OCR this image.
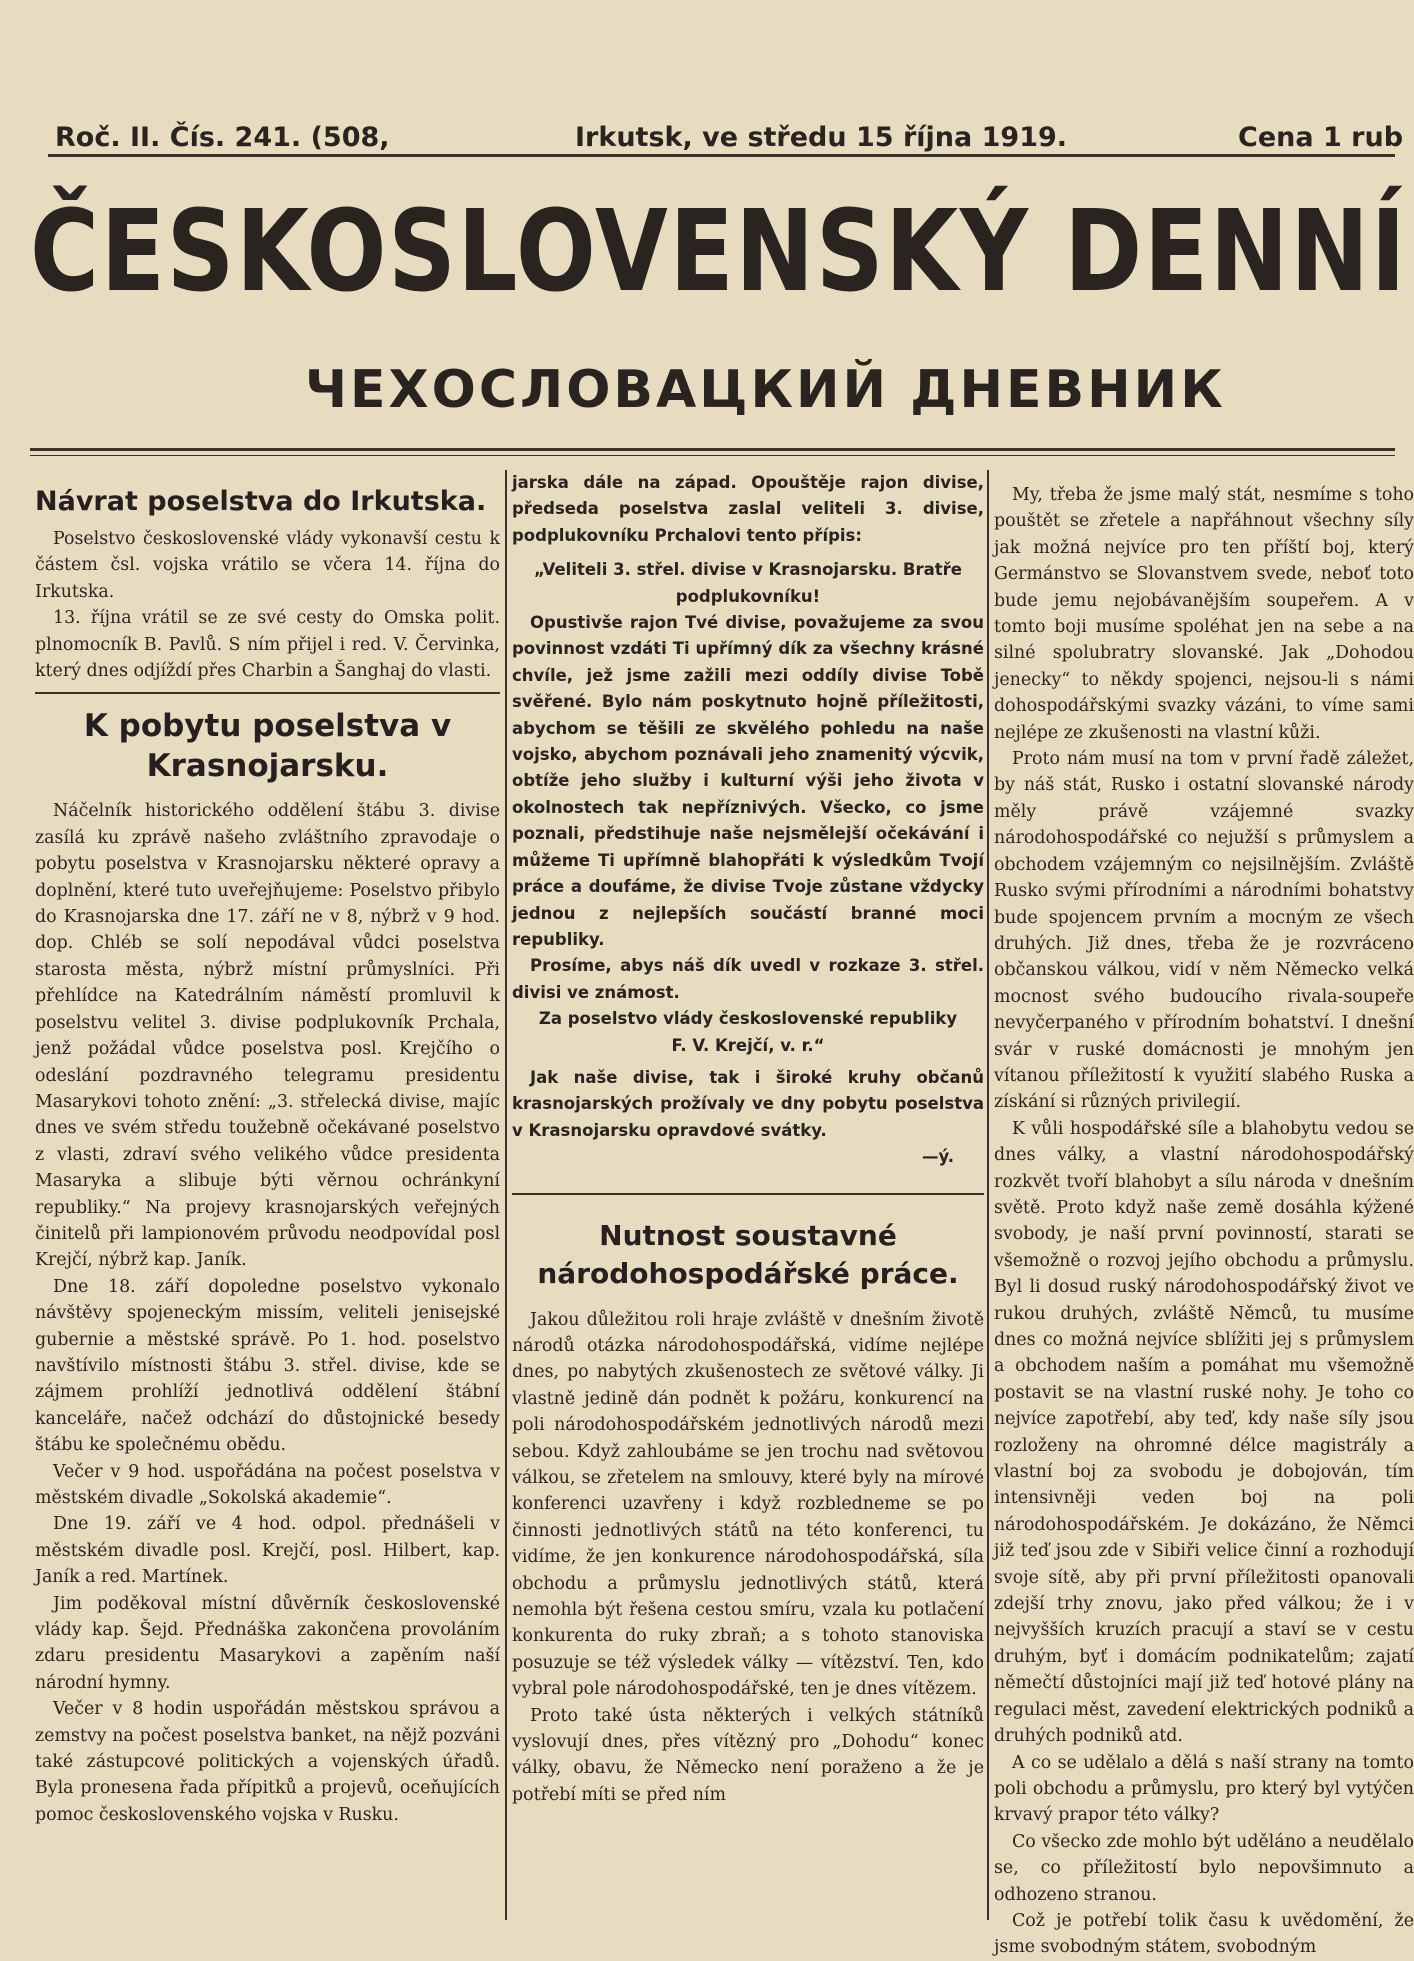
Roč. II. Čís. 241. (508,	Irkutsk, ve středu 15 října 1919.	Cena 1 rub
ČESKOSLOVENSKÝ DENNÍ
ЧЕХОСЛОВАЦКИЙ ДНЕВНИК
Návrat poselstva do Irkutska.

Poselstvo československé vlády vykonavší cestu k částem čsl. vojska vrátilo se včera 14. října do Irkutska.

13. října vrátil se ze své cesty do Omska polit. plnomocník B. Pavlů. S ním přijel i red. V. Červinka, který dnes odjíždí přes Charbin a Šanghaj do vlasti.

K pobytu poselstva v Krasnojarsku.

Náčelník historického oddělení štábu 3. divise zasílá ku zprávě našeho zvláštního zpravodaje o pobytu poselstva v Krasnojarsku některé opravy a doplnění, které tuto uveřejňujeme: Poselstvo přibylo do Krasnojarska dne 17. září ne v 8, nýbrž v 9 hod. dop. Chléb se solí nepodával vůdci poselstva starosta města, nýbrž místní průmyslníci. Při přehlídce na Katedrálním náměstí promluvil k poselstvu velitel 3. divise podplukovník Prchala, jenž požádal vůdce poselstva posl. Krejčího o odeslání pozdravného telegramu presidentu Masarykovi tohoto znění: „3. střelecká divise, majíc dnes ve svém středu toužebně očekávané poselstvo z vlasti, zdraví svého velikého vůdce presidenta Masaryka a slibuje býti věrnou ochránkyní republiky.“ Na projevy krasnojarských veřejných činitelů při lampionovém průvodu neodpovídal posl Krejčí, nýbrž kap. Janík.

Dne 18. září dopoledne poselstvo vykonalo návštěvy spojeneckým missím, veliteli jenisejské gubernie a městské správě. Po 1. hod. poselstvo navštívilo místnosti štábu 3. střel. divise, kde se zájmem prohlíží jednotlivá oddělení štábní kanceláře, načež odchází do důstojnické besedy štábu ke společnému obědu.

Večer v 9 hod. uspořádána na počest poselstva v městském divadle „Sokolská akademie“.

Dne 19. září ve 4 hod. odpol. přednášeli v městském divadle posl. Krejčí, posl. Hilbert, kap. Janík a red. Martínek.

Jim poděkoval místní důvěrník československé vlády kap. Šejd. Přednáška zakončena provoláním zdaru presidentu Masarykovi a zapěním naší národní hymny.

Večer v 8 hodin uspořádán městskou správou a zemstvy na počest poselstva banket, na nějž pozváni také zástupcové politických a vojenských úřadů. Byla pronesena řada přípitků a projevů, oceňujících pomoc československého vojska v Rusku.

jarska dále na západ. Opouštěje rajon divise, předseda poselstva zaslal veliteli 3. divise, podplukovníku Prchalovi tento přípis:

„Veliteli 3. střel. divise v Krasnojarsku. Bratře podplukovníku!

Opustivše rajon Tvé divise, považujeme za svou povinnost vzdáti Ti upřímný dík za všechny krásné chvíle, jež jsme zažili mezi oddíly divise Tobě svěřené. Bylo nám poskytnuto hojně příležitosti, abychom se těšili ze skvělého pohledu na naše vojsko, abychom poznávali jeho znamenitý výcvik, obtíže jeho služby i kulturní výši jeho života v okolnostech tak nepříznivých. Všecko, co jsme poznali, předstihuje naše nejsmělejší očekávání i můžeme Ti upřímně blahopřáti k výsledkům Tvojí práce a doufáme, že divise Tvoje zůstane vždycky jednou z nejlepších součástí branné moci republiky.

Prosíme, abys náš dík uvedl v rozkaze 3. střel. divisi ve známost.

Za poselstvo vlády československé republiky

F. V. Krejčí, v. r.“

Jak naše divise, tak i široké kruhy občanů krasnojarských prožívaly ve dny pobytu poselstva v Krasnojarsku opravdové svátky.

—ý.

Nutnost soustavné národohospodářské práce.

Jakou důležitou roli hraje zvláště v dnešním životě národů otázka národohospodářská, vidíme nejlépe dnes, po nabytých zkušenostech ze světové války. Ji vlastně jedině dán podnět k požáru, konkurencí na poli národohospodářském jednotlivých národů mezi sebou. Když zahloubáme se jen trochu nad světovou válkou, se zřetelem na smlouvy, které byly na mírové konferenci uzavřeny i když rozbledneme se po činnosti jednotlivých států na této konferenci, tu vidíme, že jen konkurence národohospodářská, síla obchodu a průmyslu jednotlivých států, která nemohla být řešena cestou smíru, vzala ku potlačení konkurenta do ruky zbraň; a s tohoto stanoviska posuzuje se též výsledek války — vítězství. Ten, kdo vybral pole národohospodářské, ten je dnes vítězem.

Proto také ústa některých i velkých státníků vyslovují dnes, přes vítězný pro „Dohodu“ konec války, obavu, že Německo není poraženo a že je potřebí míti se před ním

My, třeba že jsme malý stát, nesmíme s toho pouštět se zřetele a napřáhnout všechny síly jak možná nejvíce pro ten příští boj, který Germánstvo se Slovanstvem svede, neboť toto bude jemu nejobávanějším soupeřem. A v tomto boji musíme spoléhat jen na sebe a na silné spolubratry slovanské. Jak „Dohodou jenecky“ to někdy spojenci, nejsou-li s námi dohospodářskými svazky vázáni, to víme sami nejlépe ze zkušenosti na vlastní kůži.

Proto nám musí na tom v první řadě záležet, by náš stát, Rusko i ostatní slovanské národy měly právě vzájemné svazky národohospodářské co nejužší s průmyslem a obchodem vzájemným co nejsilnějším. Zvláště Rusko svými přírodními a národními bohatstvy bude spojencem prvním a mocným ze všech druhých. Již dnes, třeba že je rozvráceno občanskou válkou, vidí v něm Německo velká mocnost svého budoucího rivala-soupeře nevyčerpaného v přírodním bohatství. I dnešní svár v ruské domácnosti je mnohým jen vítanou příležitostí k využití slabého Ruska a získání si různých privilegií.

K vůli hospodářské síle a blahobytu vedou se dnes války, a vlastní národohospodářský rozkvět tvoří blahobyt a sílu národa v dnešním světě. Proto když naše země dosáhla kýžené svobody, je naší první povinností, starati se všemožně o rozvoj jejího obchodu a průmyslu. Byl li dosud ruský národohospodářský život ve rukou druhých, zvláště Němců, tu musíme dnes co možná nejvíce sblížiti jej s průmyslem a obchodem naším a pomáhat mu všemožně postavit se na vlastní ruské nohy. Je toho co nejvíce zapotřebí, aby teď, kdy naše síly jsou rozloženy na ohromné délce magistrály a vlastní boj za svobodu je dobojován, tím intensivněji veden boj na poli národohospodářském. Je dokázáno, že Němci již teď jsou zde v Sibiři velice činní a rozhodují svoje sítě, aby při první příležitosti opanovali zdejší trhy znovu, jako před válkou; že i v nejvyšších kruzích pracují a staví se v cestu druhým, byť i domácím podnikatelům; zajatí němečtí důstojníci mají již teď hotové plány na regulaci měst, zavedení elektrických podniků a druhých podniků atd.

A co se udělalo a dělá s naší strany na tomto poli obchodu a průmyslu, pro který byl vytýčen krvavý prapor této války?

Co všecko zde mohlo být uděláno a neudělalo se, co příležitostí bylo nepovšimnuto a odhozeno stranou.

Což je potřebí tolik času k uvědomění, že jsme svobodným státem, svobodným
